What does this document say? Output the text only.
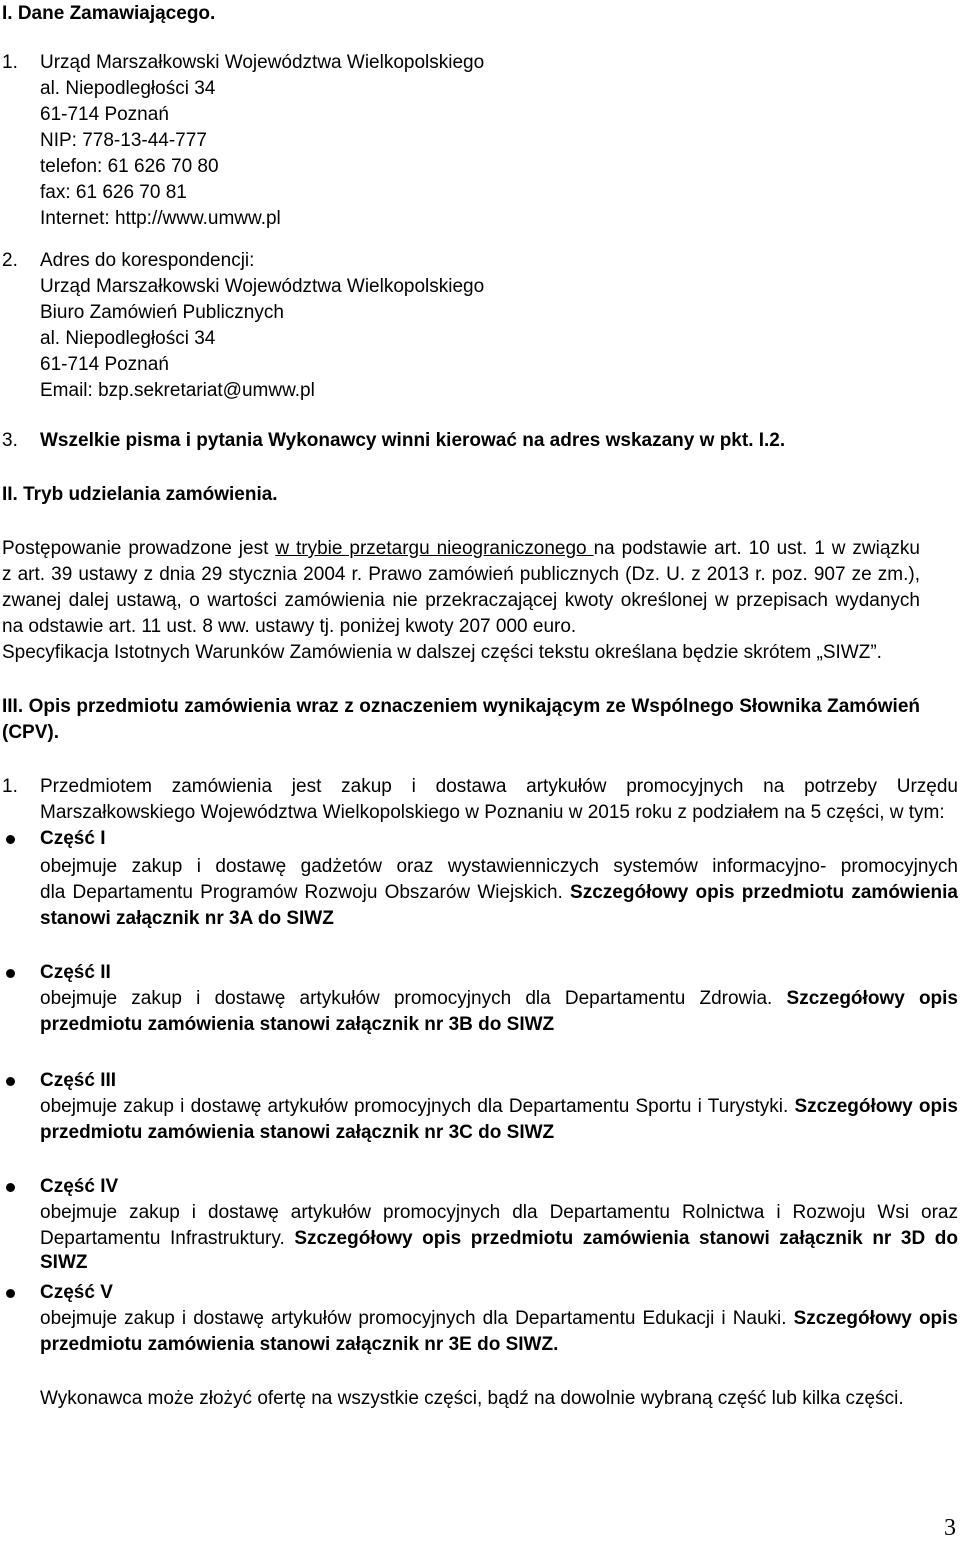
I. Dane Zamawiającego.
1. Urząd Marszałkowski Województwa Wielkopolskiego
al. Niepodległości 34
61-714 Poznań
NIP: 778-13-44-777
telefon: 61 626 70 80
fax: 61 626 70 81
Internet: http://www.umww.pl
2. Adres do korespondencji:
Urząd Marszałkowski Województwa Wielkopolskiego
Biuro Zamówień Publicznych
al. Niepodległości 34
61-714 Poznań
Email: bzp.sekretariat@umww.pl
3. Wszelkie pisma i pytania Wykonawcy winni kierować na adres wskazany w pkt. I.2.
II. Tryb udzielania zamówienia.
Postępowanie prowadzone jest w trybie przetargu nieograniczonego na podstawie art. 10 ust. 1 w związku
z art. 39 ustawy z dnia 29 stycznia 2004 r. Prawo zamówień publicznych (Dz. U. z 2013 r. poz. 907 ze zm.),
zwanej dalej ustawą, o wartości zamówienia nie przekraczającej kwoty określonej w przepisach wydanych
na odstawie art. 11 ust. 8 ww. ustawy tj. poniżej kwoty 207 000 euro.
Specyfikacja Istotnych Warunków Zamówienia w dalszej części tekstu określana będzie skrótem „SIWZ”.
III. Opis przedmiotu zamówienia wraz z oznaczeniem wynikającym ze Wspólnego Słownika Zamówień
(CPV).
1. Przedmiotem zamówienia jest zakup i dostawa artykułów promocyjnych na potrzeby Urzędu
Marszałkowskiego Województwa Wielkopolskiego w Poznaniu w 2015 roku z podziałem na 5 części, w tym:
Część I
obejmuje zakup i dostawę gadżetów oraz wystawienniczych systemów informacyjno- promocyjnych
dla Departamentu Programów Rozwoju Obszarów Wiejskich. Szczegółowy opis przedmiotu zamówienia
stanowi załącznik nr 3A do SIWZ
Część II
obejmuje zakup i dostawę artykułów promocyjnych dla Departamentu Zdrowia. Szczegółowy opis
przedmiotu zamówienia stanowi załącznik nr 3B do SIWZ
Część III
obejmuje zakup i dostawę artykułów promocyjnych dla Departamentu Sportu i Turystyki. Szczegółowy opis
przedmiotu zamówienia stanowi załącznik nr 3C do SIWZ
Część IV
obejmuje zakup i dostawę artykułów promocyjnych dla Departamentu Rolnictwa i Rozwoju Wsi oraz
Departamentu Infrastruktury. Szczegółowy opis przedmiotu zamówienia stanowi załącznik nr 3D do SIWZ
Część V
obejmuje zakup i dostawę artykułów promocyjnych dla Departamentu Edukacji i Nauki. Szczegółowy opis
przedmiotu zamówienia stanowi załącznik nr 3E do SIWZ.
Wykonawca może złożyć ofertę na wszystkie części, bądź na dowolnie wybraną część lub kilka części.
3
